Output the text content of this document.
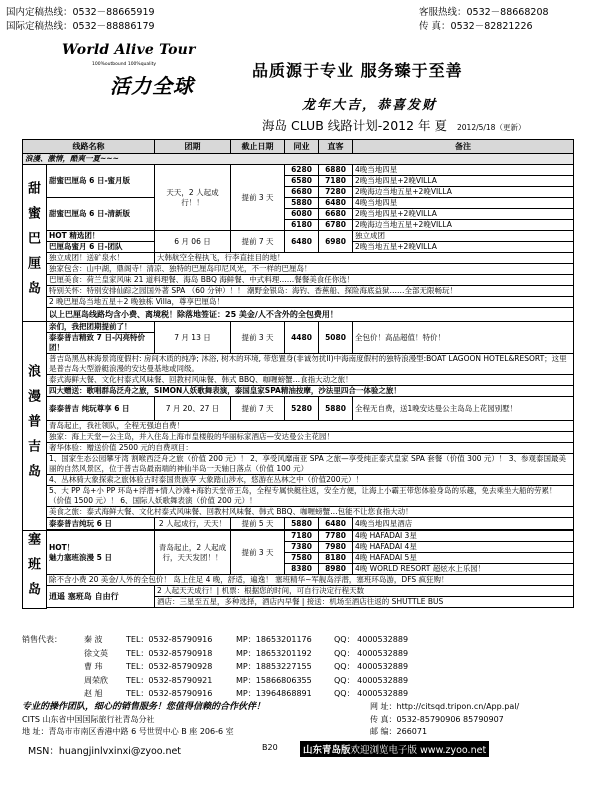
国内定稿热线：0532－88665919
国际定稿热线：0532－88886179
客服热线：0532－88668208
传 真：0532－82821226
World Alive Tour
100%outbound 100%quality
活力全球
品质源于专业 服务臻于至善
龙年大吉，恭喜发财
海岛 CLUB 线路计划-2012 年 夏 2012/5/18（更新）
线路名称		团期	截止日期	同业	直客	备注
浪漫、激情，酷爽一夏~~~						

甜蜜巴厘岛	甜蜜巴厘岛 6 日-蜜月版	天天，2 人起成行！！	提前 3 天	6280	6880	4晚当地四星
				6580	7180	2晚当地四星+2晚VILLA
				6680	7280	2晚海边当地五星+2晚VILLA
	甜蜜巴厘岛 6 日-清新版			5880	6480	4晚当地四星
				6080	6680	2晚当地四星+2晚VILLA
				6180	6780	2晚海边当地五星+2晚VILLA
	HOT 精选团！	6 月 06 日	提前 7 天	6480	6980	独立成团
	巴厘岛蜜月 6 日-团队					2晚当地五星+2晚VILLA
	独立成团！送矿泉水！	大韩航空全程执飞，行李直挂目的地！				
	独家包含：山中湖，鼎阁寺！清凉、独特的巴厘岛印尼风光，不一样的巴厘岛！					
	巴厘美食：荷兰皇家风味 21 道料理餐、海岛 BBQ 海鲜餐、中式料理……餐餐美食任你选！					
	特别关怀：特别安排仙踪之园国外著 SPA （60 分钟）！！ 潮野金银岛：海钓、香蕉船、探险海底益狱……全部无限畅玩！					
	2 晚巴厘岛当地五星＋2 晚独栋 Villa，尊享巴厘岛！					
	以上巴厘岛线路均含小费、离境税！除落地签证：25 美金/人不含外的全包费用！					

浪漫普吉岛	亲们，我把团期提前了！	7 月 13 日	提前 3 天	4480	5080	全包价！高品超值！特价！
	泰泰普吉精致 7 日-闪亮特价团！					
	普吉岛黑丛林海景湾度假村: 房间木质的纯净; 沐浴, 树木的环境, 带您置身(非诚勿扰II)中海南度假村的独特浪漫型:BOAT LAGOON HOTEL&RESORT；这里是普吉岛大型游艇浪漫的安达曼基地或同级。					
	泰式海鲜大餐、文化村泰式风味餐、回教村风味餐、韩式 BBQ、咖喱螃蟹…食指大动之旅！					
	四大赠送：歌唱群岛泛舟之旅，SIMON人妖歌舞表演，泰国皇家SPA精油按摩，沙法里四合一体验之旅！					
	泰泰普吉 纯玩尊享 6 日	7 月 20、27 日	提前 7 天	5280	5880	全程无自费，送1晚安达曼公主岛岛上花园别墅！
	青岛起止，我社领队，全程无强迫自费！					
	独家：海上天堂—公主岛，并入住岛上海市皇楼般的华丽标家酒店—安达曼公主花园！					
	奢华体验：赠送价值 2500 元的自费项目：					
	1、国家生态公园攀牙湾 割喉西泛舟之旅（价值 200 元）！ 2、享受风靡南亚 SPA 之旅—享受纯正泰式皇家 SPA 套餐（价值 300 元）！ 3、参观泰国最美丽的自然风景区，位于普吉岛最南端的神仙半岛一天轴日落点（价值 100 元）					
	4、丛林骑大象探索之旅体验古时泰国贵族享 大象踏山涉水，悠游在丛林之中（价值200元）！					
	5、大 PP 岛+小 PP 环岛+浮潜+情人沙滩+海豹天堂帝王岛，全程专属快艇往返，安全方便，让海上小霸王带您体验身岛的乐趣，免去乘坐大船的劳累！（价值 1500 元）！ 6、国际人妖歌舞表演（价值 200 元）！					
	美食之旅：泰式海鲜大餐、文化村泰式风味餐、回教村风味餐、韩式 BBQ、咖喱螃蟹…包能不让您食指大动！					
	泰泰普吉纯玩 6 日	2 人起成行，天天！	提前 5 天	5880	6480	4晚当地四星酒店

塞班岛	HOT！
魅力塞班浪漫 5 日	青岛起止，2 人起成行，天天发团！！	提前 3 天	7180	7780	4晚 HAFADAI 3星
				7380	7980	4晚 HAFADAI 4星
				7580	8180	4晚 HAFADAI 5星
				8380	8980	4晚 WORLD RESORT 超炫水上乐园！
	除不含小费 20 美金/人外的全包价！ 岛上住足 4 晚，舒适，遍逸！ 塞班精华~军舰岛浮潜，塞班环岛游，DFS 疯狂购！					
	逍遥 塞班岛 自由行	2 人起天天成行！| 机票：根据您的时间，可自行决定行程天数				
		酒店：三星至五星，多种选择，酒店内早餐 | 接送：机场至酒店往返的 SHUTTLE BUS				

销售代表：	秦 波	TEL：0532-85790916	MP：18653201176	QQ： 4000532889
徐文英 TEL：0532-85790918	MP：18653201192	QQ： 4000532889
曹 玮	TEL：0532-85790928	MP：18853227155	QQ： 4000532889
周荣欣 TEL：0532-85790921	MP：15866806355	QQ： 4000532889
赵 旭	TEL：0532-85790916	MP：13964868891	QQ： 4000532889
专业的操作团队，细心的销售服务！您值得信赖的合作伙伴！	网 址：http://citsqd.tripon.cn/App.pal/
CITS 山东省中国国际旅行社青岛分社	传 真：0532-85790906 85790907
地 址：青岛市市南区香港中路 6 号世贸中心 B 座 206-6 室	邮 编：266071
MSN：huangjinlvxinxi@zyoo.net	B20	山东青岛版欢迎浏览电子版 www.zyoo.net
